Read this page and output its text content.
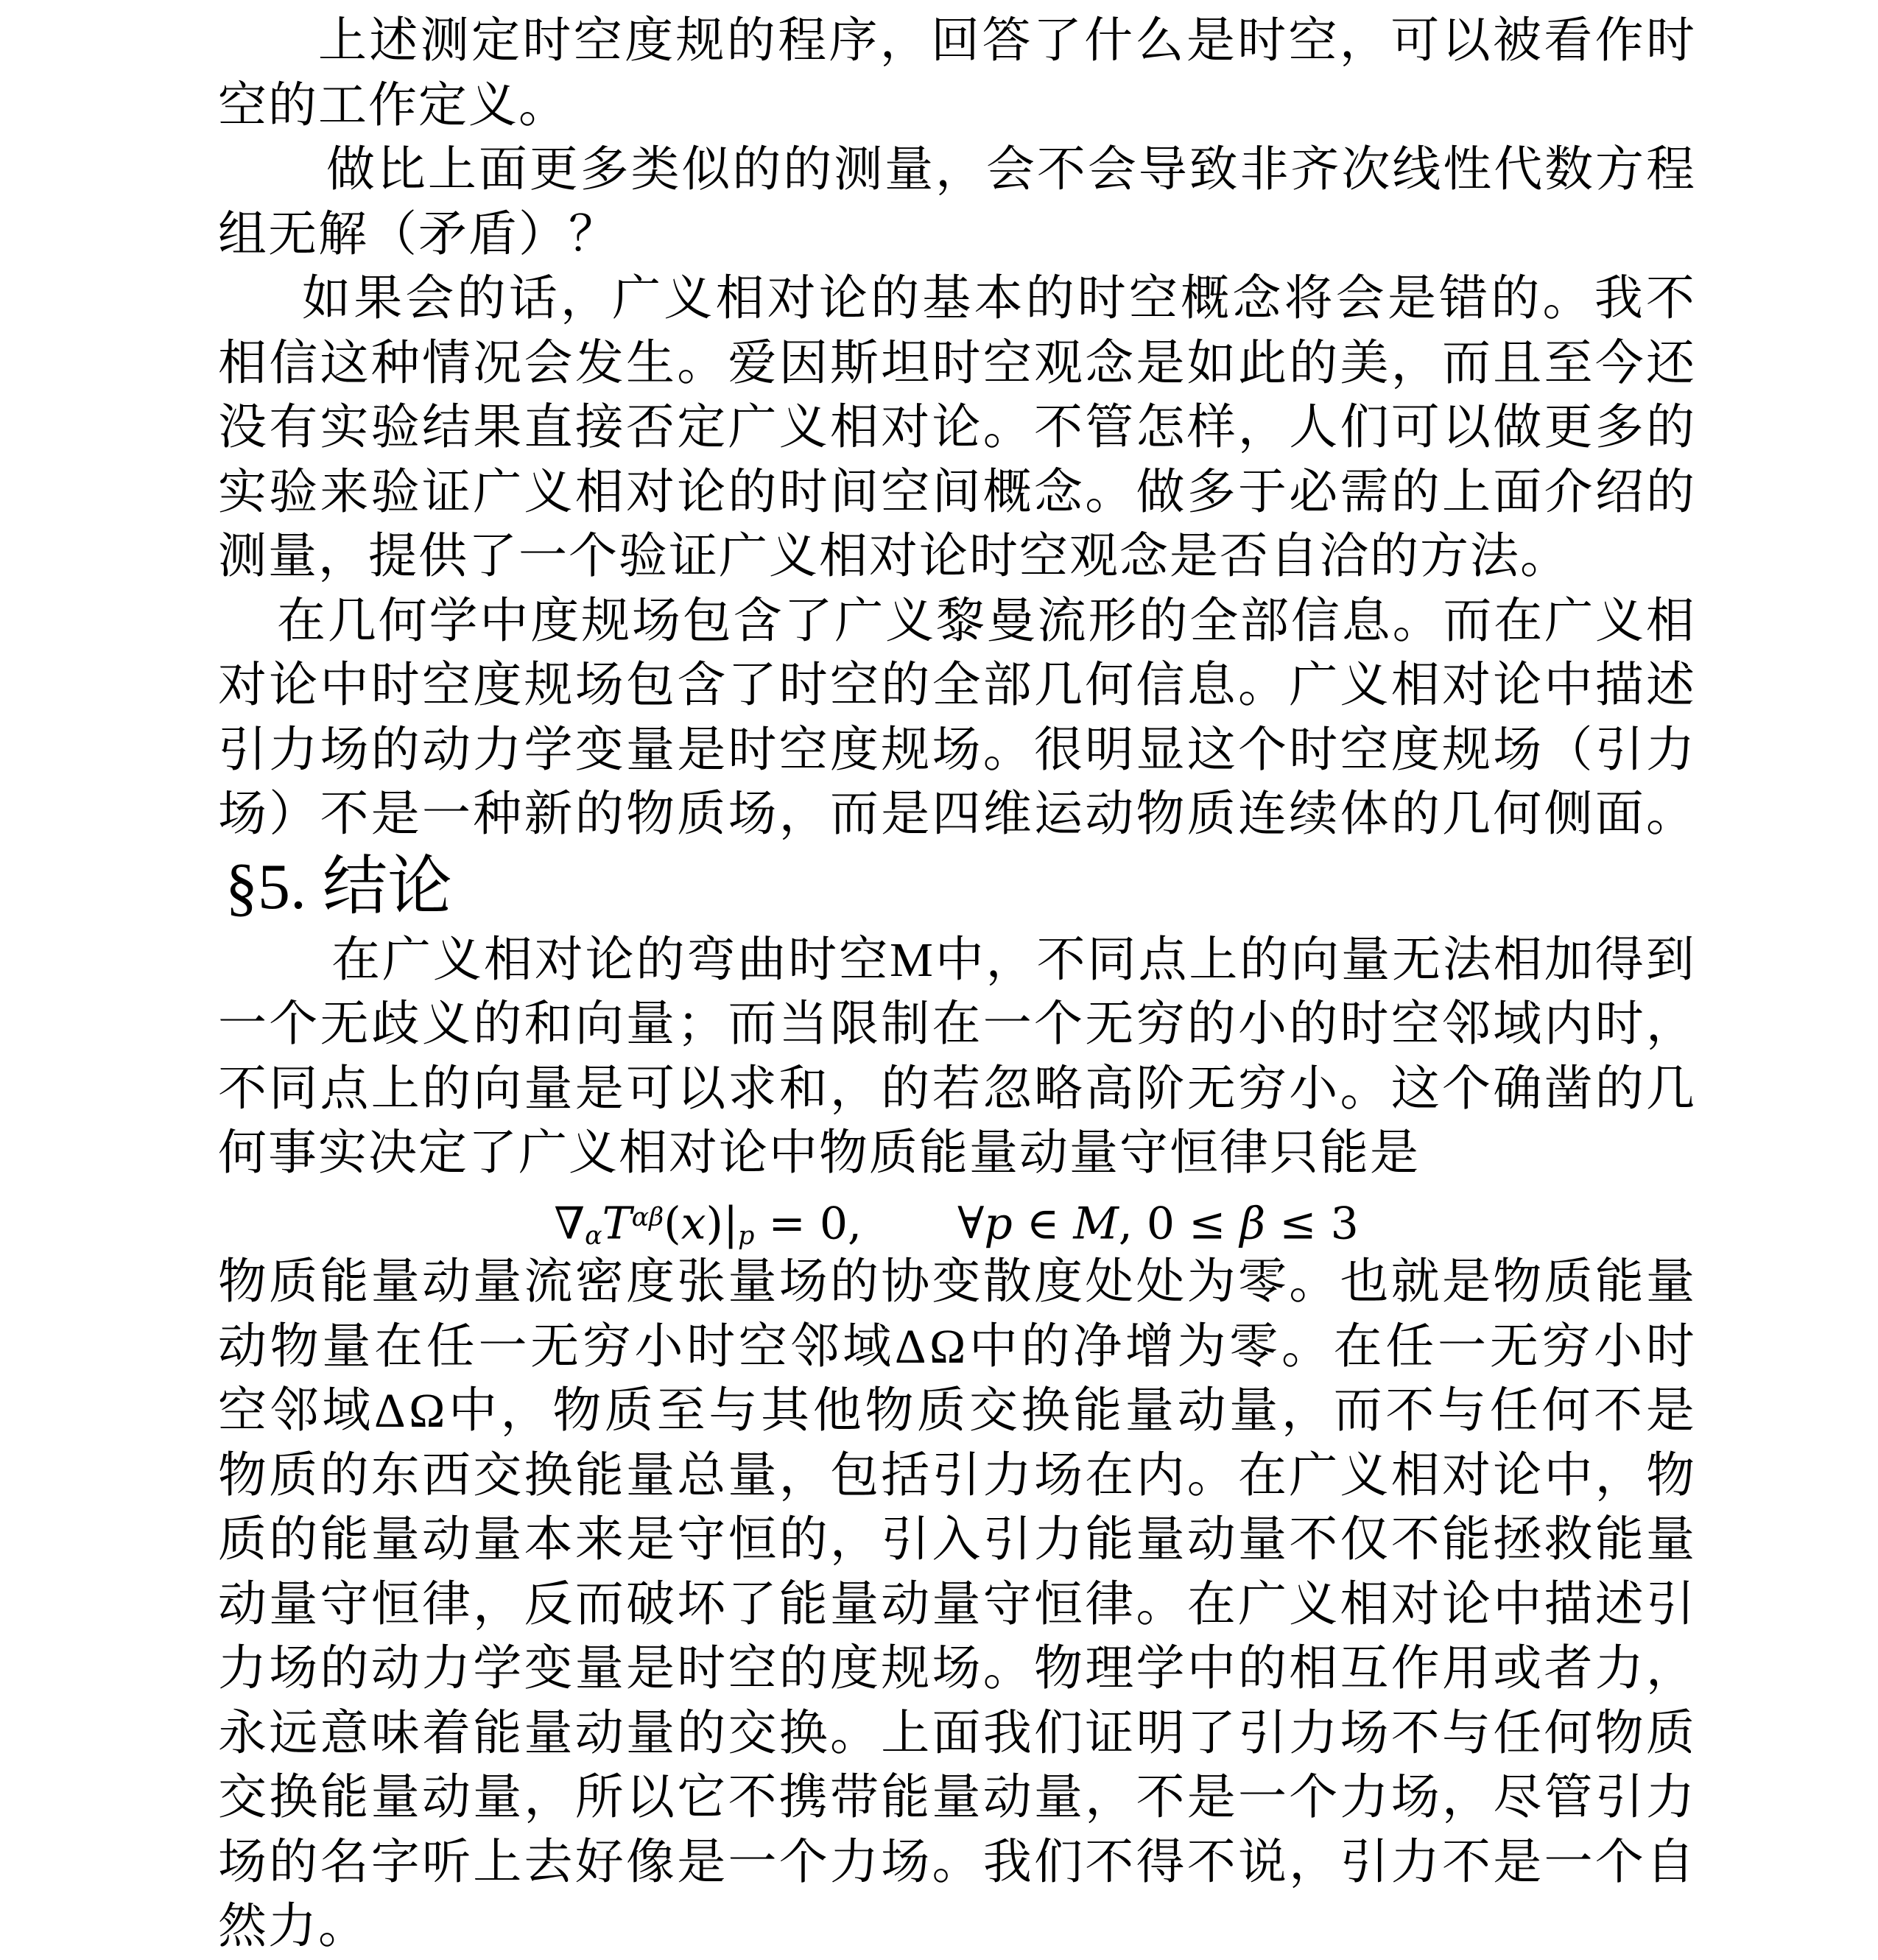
上 述 测 定 时 空 度 规 的 程 序 ， 回 答 了 什 么 是 时 空 ， 可 以 被 看 作 时
空的工作定义。
做 比 上 面 更 多 类 似 的 的 测 量 ， 会 不 会 导 致 非 齐 次 线 性 代 数 方 程
组无解（矛盾）？
如 果 会 的 话 ， 广 义 相 对 论 的 基 本 的 时 空 概 念 将 会 是 错 的 。 我 不
相 信 这 种 情 况 会 发 生 。 爱 因 斯 坦 时 空 观 念 是 如 此 的 美 ， 而 且 至 今 还
没 有 实 验 结 果 直 接 否 定 广 义 相 对 论 。 不 管 怎 样 ， 人 们 可 以 做 更 多 的
实 验 来 验 证 广 义 相 对 论 的 时 间 空 间 概 念 。 做 多 于 必 需 的 上 面 介 绍 的
测量，提供了一个验证广义相对论时空观念是否自洽的方法。
在 几 何 学 中 度 规 场 包 含 了 广 义 黎 曼 流 形 的 全 部 信 息 。 而 在 广 义 相
对 论 中 时 空 度 规 场 包 含 了 时 空 的 全 部 几 何 信 息 。 广 义 相 对 论 中 描 述
引 力 场 的 动 力 学 变 量 是 时 空 度 规 场 。 很 明 显 这 个 时 空 度 规 场 （ 引 力
场 ） 不 是 一 种 新 的 物 质 场 ， 而 是 四 维 运 动 物 质 连 续 体 的 几 何 侧 面 。
§5. 结论
在 广 义 相 对 论 的 弯 曲 时 空 M 中 ， 不 同 点 上 的 向 量 无 法 相 加 得 到
一 个 无 歧 义 的 和 向 量 ； 而 当 限 制 在 一 个 无 穷 的 小 的 时 空 邻 域 内 时 ，
不 同 点 上 的 向 量 是 可 以 求 和 ， 的 若 忽 略 高 阶 无 穷 小 。 这 个 确 凿 的 几
何事实决定了广义相对论中物质能量动量守恒律只能是
$\nabla\alpha T^{\alpha\beta}(x)|p = 0$, ∀p ∈ M, 0 ≤ β ≤ 3
物 质 能 量 动 量 流 密 度 张 量 场 的 协 变 散 度 处 处 为 零 。 也 就 是 物 质 能 量
动 物 量 在 任 一 无 穷 小 时 空 邻 域 Δ Ω 中 的 净 增 为 零 。 在 任 一 无 穷 小 时
空 邻 域 Δ Ω 中 ， 物 质 至 与 其 他 物 质 交 换 能 量 动 量 ， 而 不 与 任 何 不 是
物 质 的 东 西 交 换 能 量 总 量 ， 包 括 引 力 场 在 内 。 在 广 义 相 对 论 中 ， 物
质 的 能 量 动 量 本 来 是 守 恒 的 ， 引 入 引 力 能 量 动 量 不 仅 不 能 拯 救 能 量
动 量 守 恒 律 ， 反 而 破 坏 了 能 量 动 量 守 恒 律 。 在 广 义 相 对 论 中 描 述 引
力 场 的 动 力 学 变 量 是 时 空 的 度 规 场 。 物 理 学 中 的 相 互 作 用 或 者 力 ，
永 远 意 味 着 能 量 动 量 的 交 换 。 上 面 我 们 证 明 了 引 力 场 不 与 任 何 物 质
交 换 能 量 动 量 ， 所 以 它 不 携 带 能 量 动 量 ， 不 是 一 个 力 场 ， 尽 管 引 力
场 的 名 字 听 上 去 好 像 是 一 个 力 场 。 我 们 不 得 不 说 ， 引 力 不 是 一 个 自
然力。
